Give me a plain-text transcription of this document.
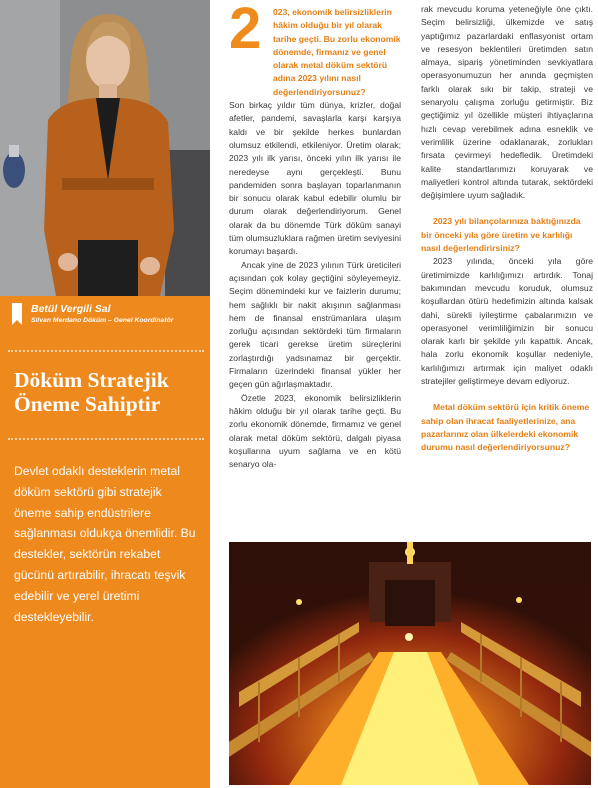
Betül Vergili Sal
Silvan Merdano Döküm – Genel Koordinatör
Döküm Stratejik
Öneme Sahiptir
Devlet odaklı desteklerin metal döküm sektörü gibi stratejik öneme sahip endüstrilere sağlanması oldukça önemlidir. Bu destekler, sektörün rekabet gücünü artırabilir, ihracatı teşvik edebilir ve yerel üretimi destekleyebilir.
2	023, ekonomik belirsizliklerin hâkim olduğu bir yıl olarak tarihe geçti. Bu zorlu ekonomik dönemde, firmanız ve genel olarak metal döküm sektörü adına 2023 yılını nasıl değerlendiriyorsunuz?

Son birkaç yıldır tüm dünya, krizler, doğal afetler, pandemi, savaşlarla karşı karşıya kaldı ve bir şekilde herkes bunlardan olumsuz etkilendi, etkileniyor. Üretim olarak; 2023 yılı ilk yarısı, önceki yılın ilk yarısı ile neredeyse aynı gerçekleşti. Bunu pandemiden sonra başlayan toparlanmanın bir sonucu olarak kabul edebilir olumlu bir durum olarak değerlendiriyorum. Genel olarak da bu dönemde Türk döküm sanayi tüm olumsuzluklara rağmen üretim seviyesini korumayı başardı.

Ancak yine de 2023 yılının Türk üreticileri açısından çok kolay geçtiğini söyleyemeyiz. Seçim dönemindeki kur ve faizlerin durumu; hem sağlıklı bir nakit akışının sağlanması hem de finansal enstrümanlara ulaşım zorluğu açısından sektördeki tüm firmaların gerek ticari gerekse üretim süreçlerini zorlaştırdığı yadsınamaz bir gerçektir. Firmaların üzerindeki finansal yükler her geçen gün ağırlaşmaktadır.

Özetle 2023, ekonomik belirsizliklerin hâkim olduğu bir yıl olarak tarihe geçti. Bu zorlu ekonomik dönemde, firmamız ve genel olarak metal döküm sektörü, dalgalı piyasa koşullarına uyum sağlama ve en kötü senaryo ola-

rak mevcudu koruma yeteneğiyle öne çıktı. Seçim belirsizliği, ülkemizde ve satış yaptığımız pazarlardaki enflasyonist ortam ve resesyon beklentileri üretimden satın almaya, sipariş yönetiminden sevkiyatlara operasyonumuzun her anında geçmişten farklı olarak sıkı bir takip, strateji ve senaryolu çalışma zorluğu getirmiştir. Biz geçtiğimiz yıl özellikle müşteri ihtiyaçlarına hızlı cevap verebilmek adına esneklik ve verimlilik üzerine odaklanarak, zorlukları fırsata çevirmeyi hedefledik. Üretimdeki kalite standartlarımızı koruyarak ve maliyetleri kontrol altında tutarak, sektördeki değişimlere uyum sağladık.

2023 yılı bilançolarınıza baktığınızda bir önceki yıla göre üretim ve karlılığı nasıl değerlendirirsiniz?

2023 yılında, önceki yıla göre üretimimizde karlılığımızı artırdık. Tonaj bakımından mevcudu koruduk, olumsuz koşullardan ötürü hedefimizin altında kalsak dahi, sürekli iyileştirme çabalarımızın ve operasyonel verimliliğimizin bir sonucu olarak karlı bir şekilde yılı kapattık. Ancak, hala zorlu ekonomik koşullar nedeniyle, karlılığımızı artırmak için maliyet odaklı stratejiler geliştirmeye devam ediyoruz.

Metal döküm sektörü için kritik öneme sahip olan ihracat faaliyetlerinize, ana pazarlarınız olan ülkelerdeki ekonomik durumu nasıl değerlendiriyorsunuz?
